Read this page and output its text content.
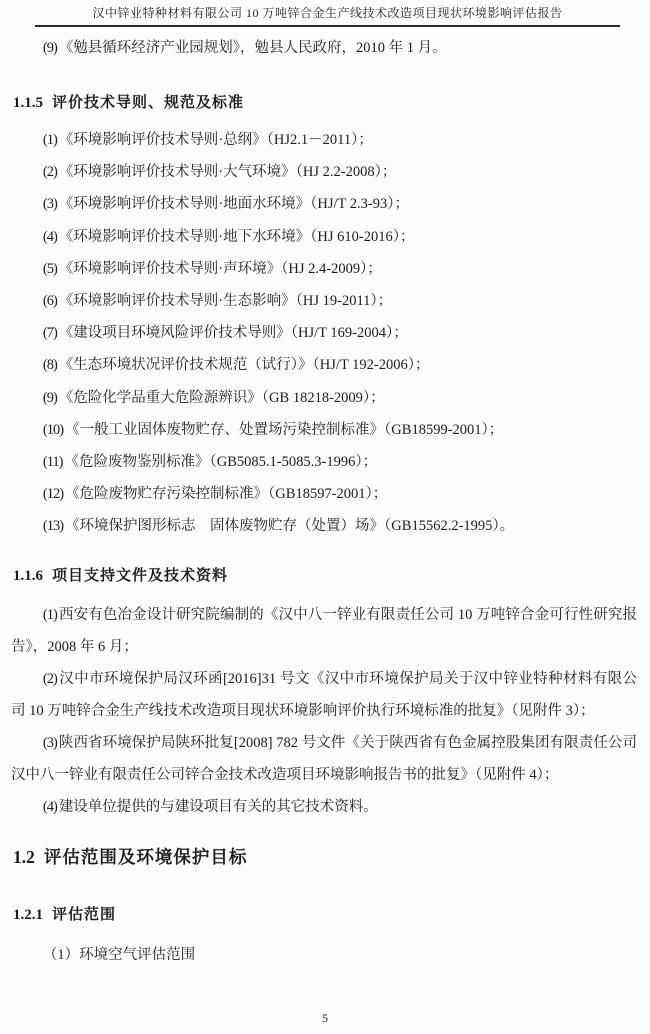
汉中锌业特种材料有限公司 10 万吨锌合金生产线技术改造项目现状环境影响评估报告

(9) 《勉县循环经济产业园规划》，勉县人民政府，2010 年 1 月。

1.1.5 评价技术导则、规范及标准

(1) 《环境影响评价技术导则·总纲》（HJ2.1－2011）；

(2) 《环境影响评价技术导则·大气环境》（HJ 2.2-2008）；

(3) 《环境影响评价技术导则·地面水环境》（HJ/T 2.3-93）；

(4) 《环境影响评价技术导则·地下水环境》（HJ 610-2016）；

(5) 《环境影响评价技术导则·声环境》（HJ 2.4-2009）；

(6) 《环境影响评价技术导则·生态影响》（HJ 19-2011）；

(7) 《建设项目环境风险评价技术导则》（HJ/T 169-2004）；

(8) 《生态环境状况评价技术规范（试行）》（HJ/T 192-2006）；

(9) 《危险化学品重大危险源辨识》（GB 18218-2009）；

(10) 《一般工业固体废物贮存、处置场污染控制标准》（GB18599-2001）；

(11) 《危险废物鉴别标准》（GB5085.1-5085.3-1996）；

(12) 《危险废物贮存污染控制标准》（GB18597-2001）；

(13) 《环境保护图形标志　固体废物贮存（处置）场》（GB15562.2-1995）。

1.1.6 项目支持文件及技术资料

(1) 西安有色冶金设计研究院编制的《汉中八一锌业有限责任公司 10 万吨锌合金可行性研究报告》，2008 年 6 月；

(2) 汉中市环境保护局汉环函[2016]31 号文《汉中市环境保护局关于汉中锌业特种材料有限公司 10 万吨锌合金生产线技术改造项目现状环境影响评价执行环境标准的批复》（见附件 3）；

(3) 陕西省环境保护局陕环批复[2008] 782 号文件《关于陕西省有色金属控股集团有限责任公司汉中八一锌业有限责任公司锌合金技术改造项目环境影响报告书的批复》（见附件 4）；

(4) 建设单位提供的与建设项目有关的其它技术资料。

1.2 评估范围及环境保护目标
1.2.1 评估范围

（1）环境空气评估范围

5
